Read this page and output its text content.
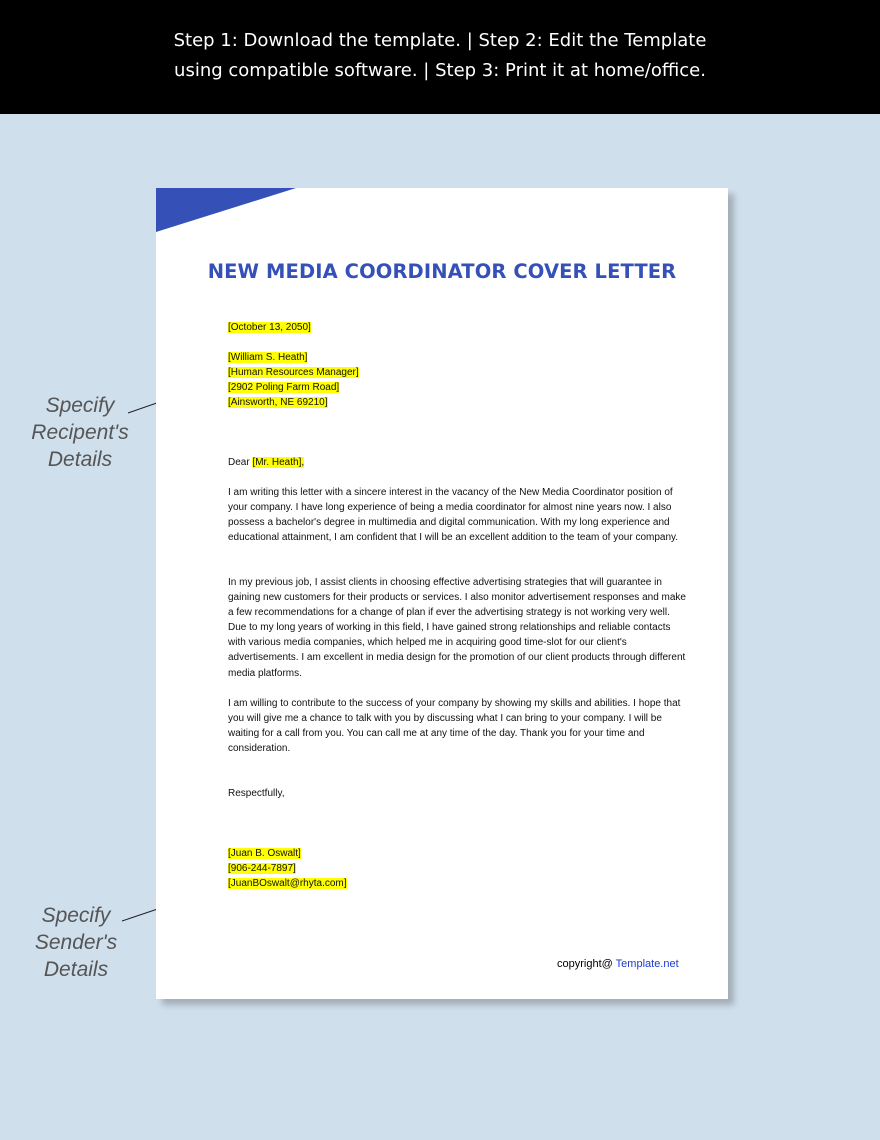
Step 1: Download the template. | Step 2: Edit the Template
using compatible software. | Step 3: Print it at home/office.
Specify
Recipent's
Details
Specify
Sender's
Details
NEW MEDIA COORDINATOR COVER LETTER
[October 13, 2050]
[William S. Heath]
[Human Resources Manager]
[2902 Poling Farm Road]
[Ainsworth, NE 69210]
Dear [Mr. Heath],
I am writing this letter with a sincere interest in the vacancy of the New Media Coordinator position of your company. I have long experience of being a media coordinator for almost nine years now. I also possess a bachelor's degree in multimedia and digital communication. With my long experience and educational attainment, I am confident that I will be an excellent addition to the team of your company.
In my previous job, I assist clients in choosing effective advertising strategies that will guarantee in gaining new customers for their products or services. I also monitor advertisement responses and make a few recommendations for a change of plan if ever the advertising strategy is not working very well. Due to my long years of working in this field, I have gained strong relationships and reliable contacts with various media companies, which helped me in acquiring good time-slot for our client's advertisements. I am excellent in media design for the promotion of our client products through different media platforms.
I am willing to contribute to the success of your company by showing my skills and abilities. I hope that you will give me a chance to talk with you by discussing what I can bring to your company. I will be waiting for a call from you. You can call me at any time of the day. Thank you for your time and consideration.
Respectfully,
[Juan B. Oswalt]
[906-244-7897]
[JuanBOswalt@rhyta.com]
copyright@ Template.net
